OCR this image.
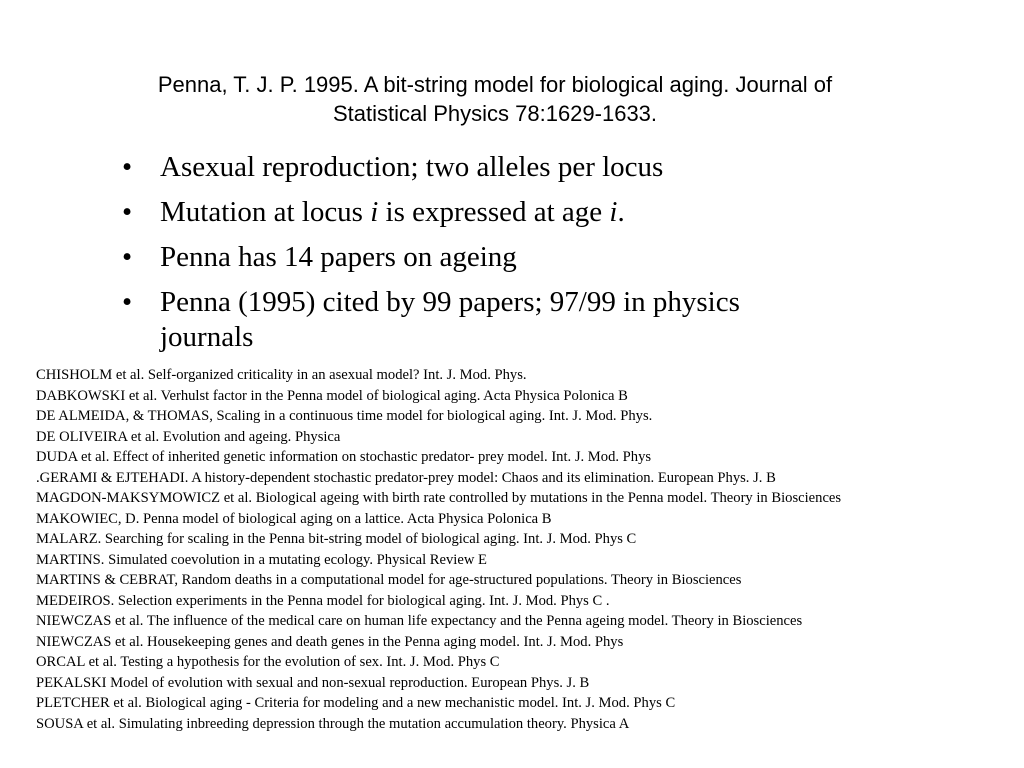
Penna, T. J. P. 1995. A bit-string model for biological aging. Journal of
Statistical Physics 78:1629-1633.
• Asexual reproduction; two alleles per locus
• Mutation at locus i is expressed at age i.
• Penna has 14 papers on ageing
• Penna (1995) cited by 99 papers; 97/99 in physics journals
CHISHOLM et al. Self-organized criticality in an asexual model? Int. J. Mod. Phys.
DABKOWSKI et al. Verhulst factor in the Penna model of biological aging. Acta Physica Polonica B
DE ALMEIDA, & THOMAS, Scaling in a continuous time model for biological aging. Int. J. Mod. Phys.
DE OLIVEIRA et al. Evolution and ageing. Physica
DUDA et al. Effect of inherited genetic information on stochastic predator- prey model. Int. J. Mod. Phys
.GERAMI & EJTEHADI. A history-dependent stochastic predator-prey model: Chaos and its elimination. European Phys. J. B
MAGDON-MAKSYMOWICZ et al. Biological ageing with birth rate controlled by mutations in the Penna model. Theory in Biosciences
MAKOWIEC, D. Penna model of biological aging on a lattice. Acta Physica Polonica B
MALARZ. Searching for scaling in the Penna bit-string model of biological aging. Int. J. Mod. Phys C
MARTINS. Simulated coevolution in a mutating ecology. Physical Review E
MARTINS & CEBRAT, Random deaths in a computational model for age-structured populations. Theory in Biosciences
MEDEIROS. Selection experiments in the Penna model for biological aging. Int. J. Mod. Phys C .
NIEWCZAS et al. The influence of the medical care on human life expectancy and the Penna ageing model. Theory in Biosciences
NIEWCZAS et al. Housekeeping genes and death genes in the Penna aging model. Int. J. Mod. Phys
ORCAL et al. Testing a hypothesis for the evolution of sex. Int. J. Mod. Phys C
PEKALSKI Model of evolution with sexual and non-sexual reproduction. European Phys. J. B
PLETCHER et al. Biological aging - Criteria for modeling and a new mechanistic model. Int. J. Mod. Phys C
SOUSA et al. Simulating inbreeding depression through the mutation accumulation theory. Physica A
